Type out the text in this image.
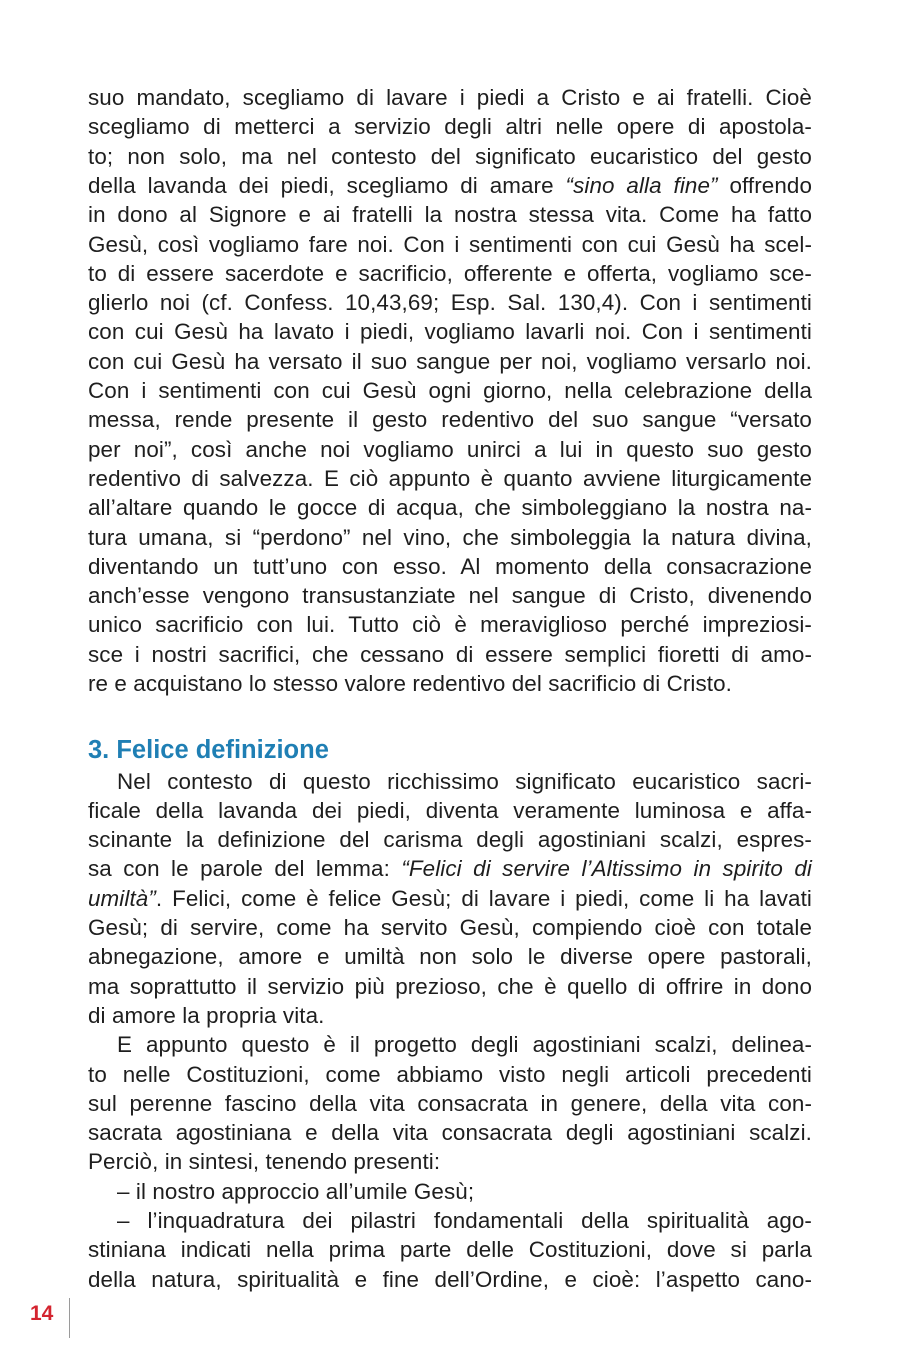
suo mandato, scegliamo di lavare i piedi a Cristo e ai fratelli. Cioè
scegliamo di metterci a servizio degli altri nelle opere di apostola-
to; non solo, ma nel contesto del significato eucaristico del gesto
della lavanda dei piedi, scegliamo di amare “sino alla fine” offrendo
in dono al Signore e ai fratelli la nostra stessa vita. Come ha fatto
Gesù, così vogliamo fare noi. Con i sentimenti con cui Gesù ha scel-
to di essere sacerdote e sacrificio, offerente e offerta, vogliamo sce-
glierlo noi (cf. Confess. 10,43,69; Esp. Sal. 130,4). Con i sentimenti
con cui Gesù ha lavato i piedi, vogliamo lavarli noi. Con i sentimenti
con cui Gesù ha versato il suo sangue per noi, vogliamo versarlo noi.
Con i sentimenti con cui Gesù ogni giorno, nella celebrazione della
messa, rende presente il gesto redentivo del suo sangue “versato
per noi”, così anche noi vogliamo unirci a lui in questo suo gesto
redentivo di salvezza. E ciò appunto è quanto avviene liturgicamente
all’altare quando le gocce di acqua, che simboleggiano la nostra na-
tura umana, si “perdono” nel vino, che simboleggia la natura divina,
diventando un tutt’uno con esso. Al momento della consacrazione
anch’esse vengono transustanziate nel sangue di Cristo, divenendo
unico sacrificio con lui. Tutto ciò è meraviglioso perché impreziosi-
sce i nostri sacrifici, che cessano di essere semplici fioretti di amo-
re e acquistano lo stesso valore redentivo del sacrificio di Cristo.
3. Felice definizione
Nel contesto di questo ricchissimo significato eucaristico sacri-
ficale della lavanda dei piedi, diventa veramente luminosa e affa-
scinante la definizione del carisma degli agostiniani scalzi, espres-
sa con le parole del lemma: “Felici di servire l’Altissimo in spirito di
umiltà”. Felici, come è felice Gesù; di lavare i piedi, come li ha lavati
Gesù; di servire, come ha servito Gesù, compiendo cioè con totale
abnegazione, amore e umiltà non solo le diverse opere pastorali,
ma soprattutto il servizio più prezioso, che è quello di offrire in dono
di amore la propria vita.
E appunto questo è il progetto degli agostiniani scalzi, delinea-
to nelle Costituzioni, come abbiamo visto negli articoli precedenti
sul perenne fascino della vita consacrata in genere, della vita con-
sacrata agostiniana e della vita consacrata degli agostiniani scalzi.
Perciò, in sintesi, tenendo presenti:
– il nostro approccio all’umile Gesù;
– l’inquadratura dei pilastri fondamentali della spiritualità ago-
stiniana indicati nella prima parte delle Costituzioni, dove si parla
della natura, spiritualità e fine dell’Ordine, e cioè: l’aspetto cano-
14
